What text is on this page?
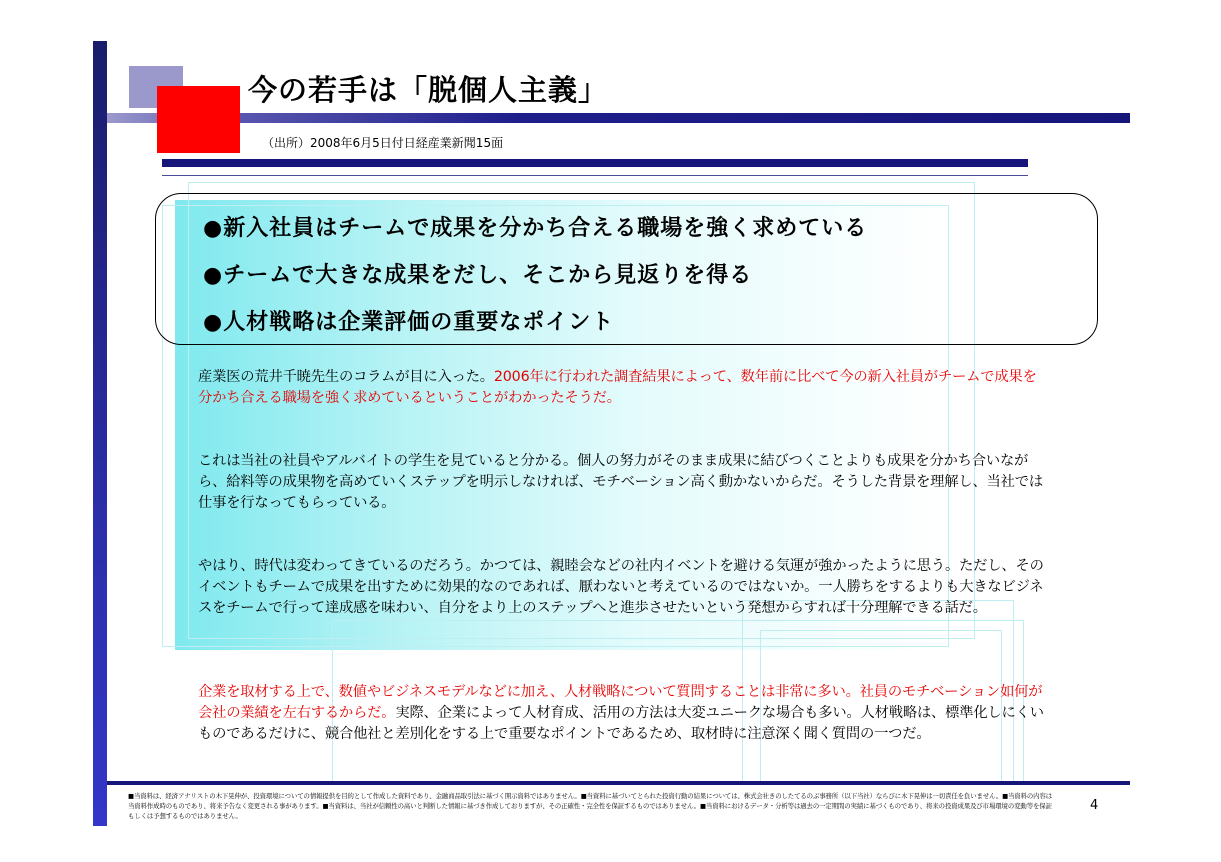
今の若手は「脱個人主義」
（出所）2008年6月5日付日経産業新聞15面
●新入社員はチームで成果を分かち合える職場を強く求めている
●チームで大きな成果をだし、そこから見返りを得る
●人材戦略は企業評価の重要なポイント
産業医の荒井千暁先生のコラムが目に入った。2006年に行われた調査結果によって、数年前に比べて今の新入社員がチームで成果を分かち合える職場を強く求めているということがわかったそうだ。
これは当社の社員やアルバイトの学生を見ていると分かる。個人の努力がそのまま成果に結びつくことよりも成果を分かち合いながら、給料等の成果物を高めていくステップを明示しなければ、モチベーション高く動かないからだ。そうした背景を理解し、当社では仕事を行なってもらっている。
やはり、時代は変わってきているのだろう。かつては、親睦会などの社内イベントを避ける気運が強かったように思う。ただし、そのイベントもチームで成果を出すために効果的なのであれば、厭わないと考えているのではないか。一人勝ちをするよりも大きなビジネスをチームで行って達成感を味わい、自分をより上のステップへと進歩させたいという発想からすれば十分理解できる話だ。
企業を取材する上で、数値やビジネスモデルなどに加え、人材戦略について質問することは非常に多い。社員のモチベーション如何が会社の業績を左右するからだ。実際、企業によって人材育成、活用の方法は大変ユニークな場合も多い。人材戦略は、標準化しにくいものであるだけに、競合他社と差別化をする上で重要なポイントであるため、取材時に注意深く聞く質問の一つだ。
■当資料は、経済アナリストの木下晃伸が、投資環境についての情報提供を目的として作成した資料であり、金融商品取引法に基づく開示資料ではありません。■当資料に基づいてとられた投資行動の結果については、株式会社きのしたてるのぶ事務所（以下当社）ならびに木下晃伸は一切責任を負いません。■当資料の内容は当資料作成時のものであり、将来予告なく変更される事があります。■当資料は、当社が信頼性の高いと判断した情報に基づき作成しておりますが、その正確性・完全性を保証するものではありません。■当資料におけるデータ・分析等は過去の一定期間の実績に基づくものであり、将来の投資成果及び市場環境の変動等を保証もしくは予想するものではありません。
4
